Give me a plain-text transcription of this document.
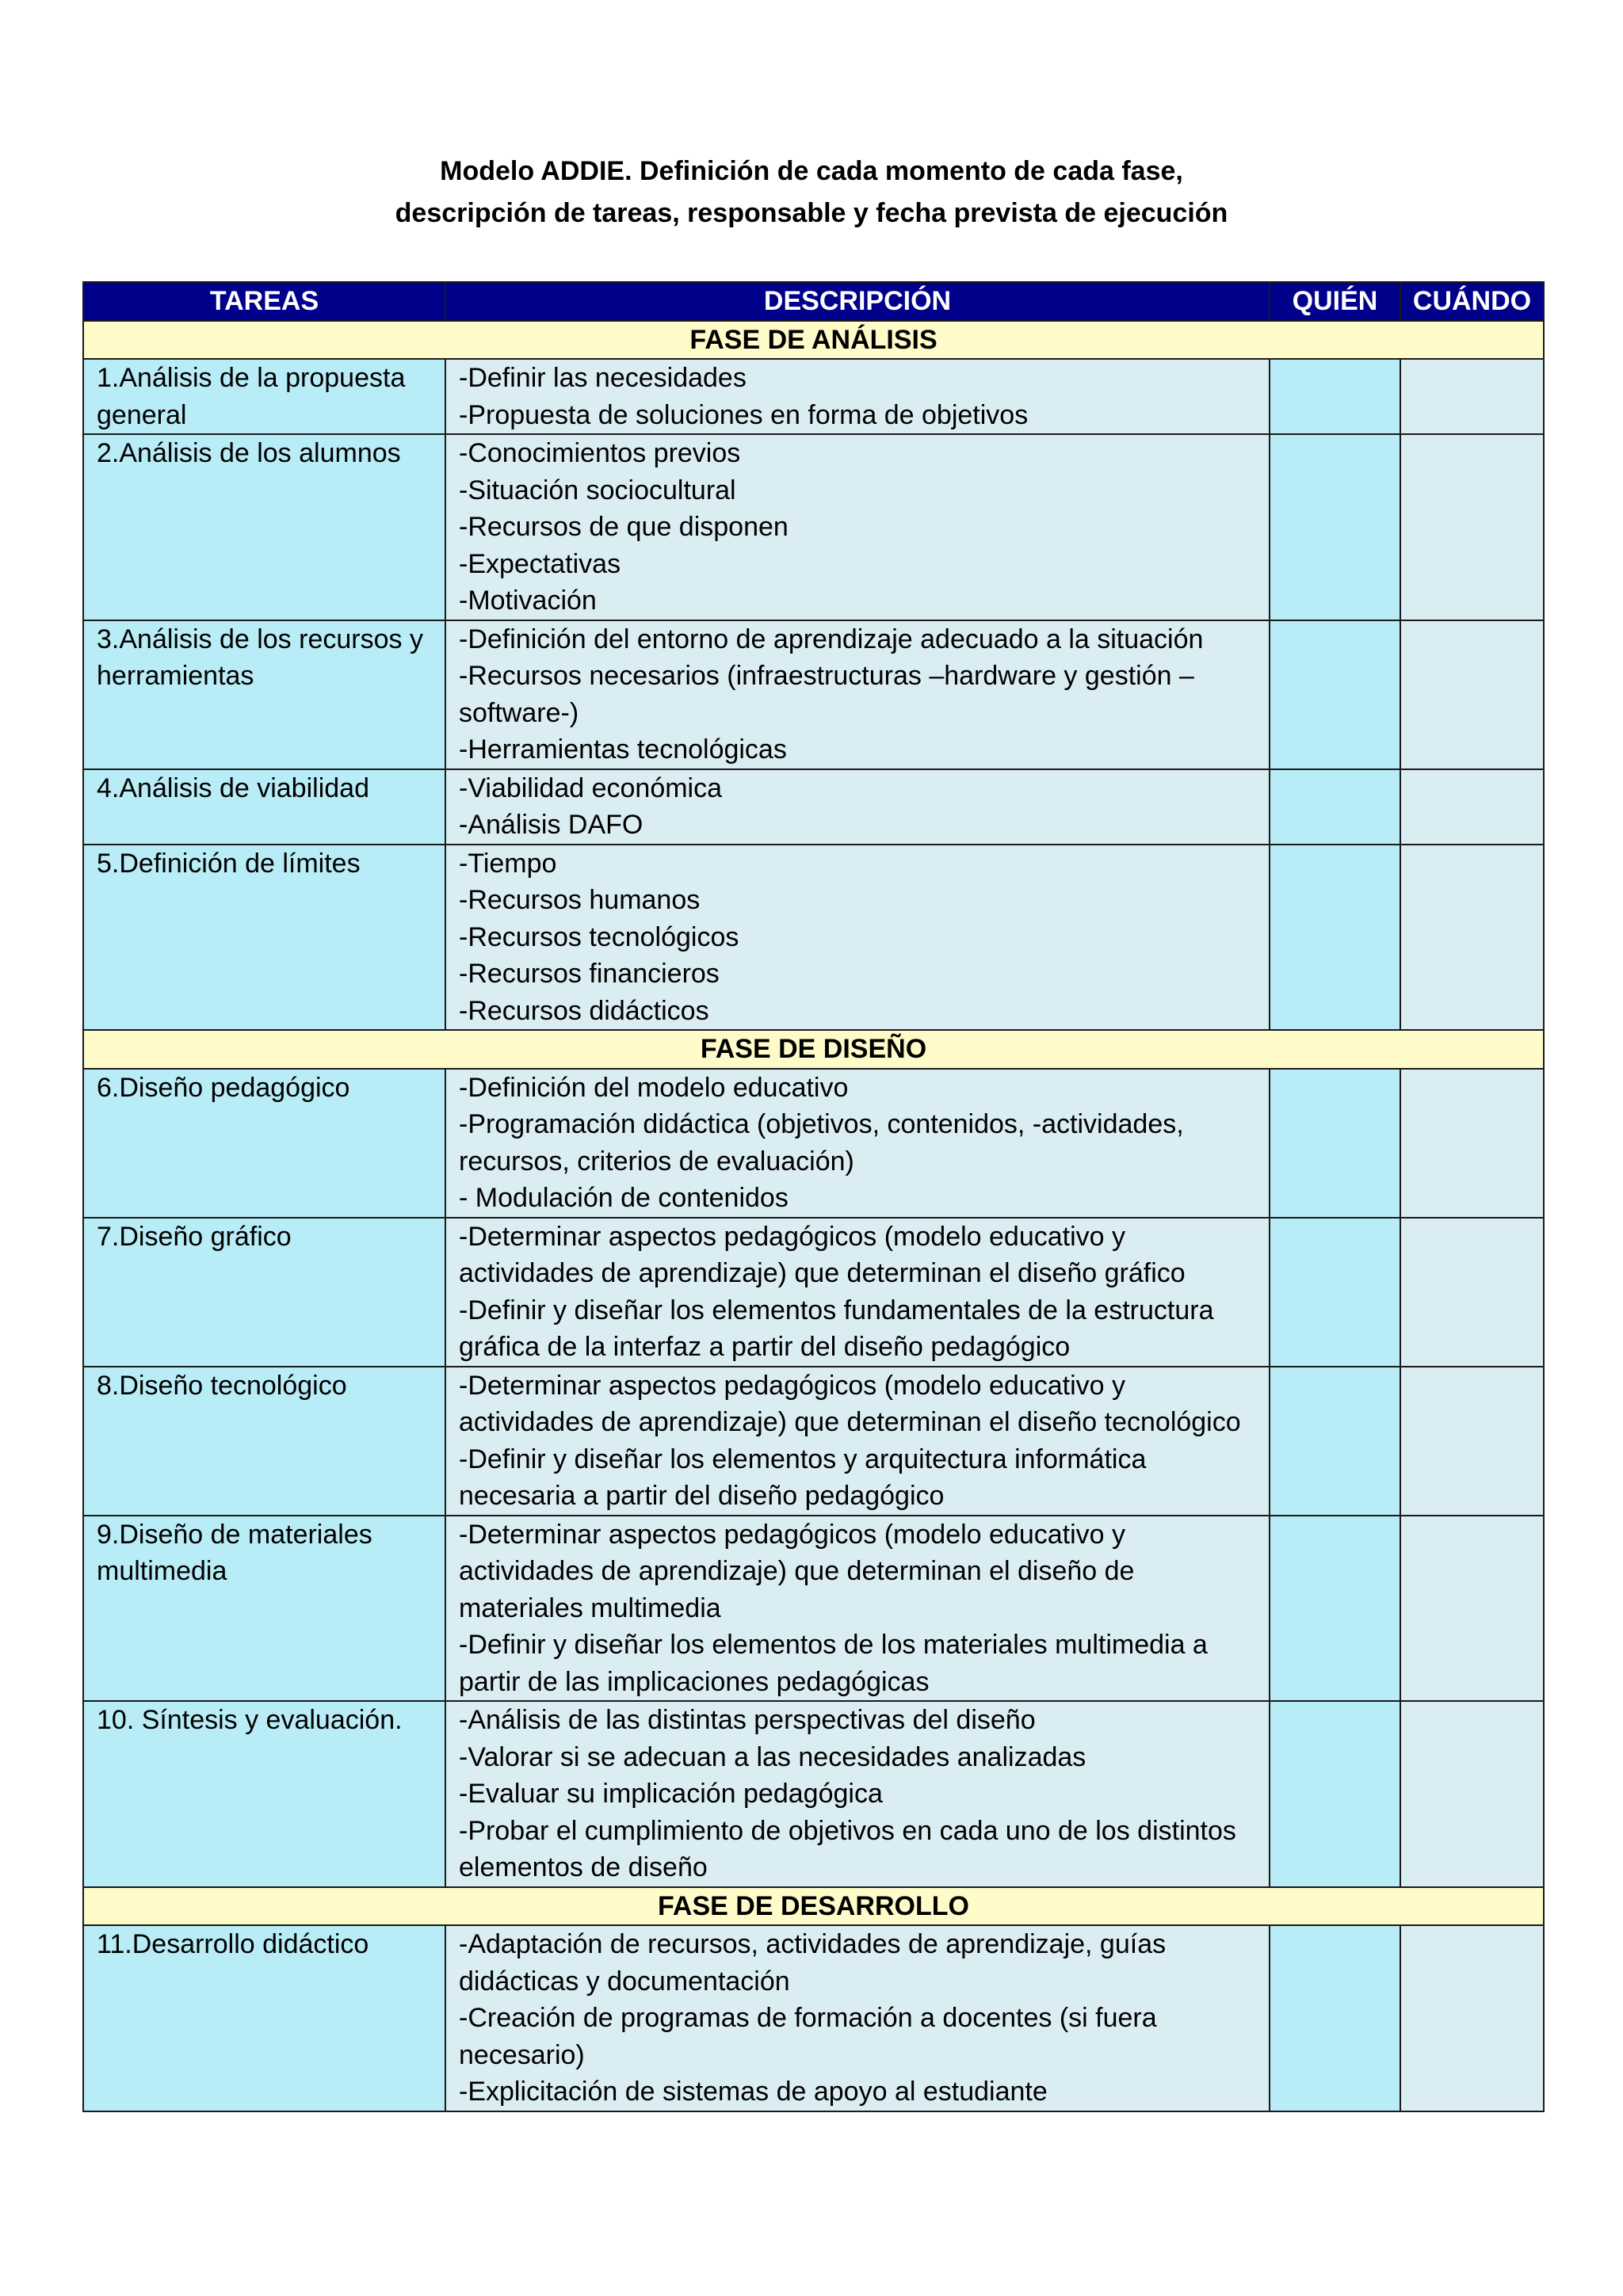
Modelo ADDIE. Definición de cada momento de cada fase,
descripción de tareas, responsable y fecha prevista de ejecución
TAREAS	DESCRIPCIÓN	QUIÉN	CUÁNDO
FASE DE ANÁLISIS			
1.Análisis de la propuesta general	-Definir las necesidades
-Propuesta de soluciones en forma de objetivos		

2.Análisis de los alumnos	-Conocimientos previos
-Situación sociocultural
-Recursos de que disponen
-Expectativas
-Motivación		

3.Análisis de los recursos y herramientas	-Definición del entorno de aprendizaje adecuado a la situación
-Recursos necesarios (infraestructuras –hardware y gestión – software-)
-Herramientas tecnológicas		

4.Análisis de viabilidad	-Viabilidad económica
-Análisis DAFO		

5.Definición de límites	-Tiempo
-Recursos humanos
-Recursos tecnológicos
-Recursos financieros
-Recursos didácticos		

FASE DE DISEÑO			
6.Diseño pedagógico	-Definición del modelo educativo
-Programación didáctica (objetivos, contenidos, -actividades, recursos, criterios de evaluación)
- Modulación de contenidos		

7.Diseño gráfico	-Determinar aspectos pedagógicos (modelo educativo y actividades de aprendizaje) que determinan el diseño gráfico
-Definir y diseñar los elementos fundamentales de la estructura gráfica de la interfaz a partir del diseño pedagógico		

8.Diseño tecnológico	-Determinar aspectos pedagógicos (modelo educativo y actividades de aprendizaje) que determinan el diseño tecnológico
-Definir y diseñar los elementos y arquitectura informática necesaria a partir del diseño pedagógico		

9.Diseño de materiales multimedia	-Determinar aspectos pedagógicos (modelo educativo y actividades de aprendizaje) que determinan el diseño de materiales multimedia
-Definir y diseñar los elementos de los materiales multimedia a partir de las implicaciones pedagógicas		

10. Síntesis y evaluación.	-Análisis de las distintas perspectivas del diseño
-Valorar si se adecuan a las necesidades analizadas
-Evaluar su implicación pedagógica
-Probar el cumplimiento de objetivos en cada uno de los distintos elementos de diseño		

FASE DE DESARROLLO			
11.Desarrollo didáctico	-Adaptación de recursos, actividades de aprendizaje, guías didácticas y documentación
-Creación de programas de formación a docentes (si fuera necesario)
-Explicitación de sistemas de apoyo al estudiante		
